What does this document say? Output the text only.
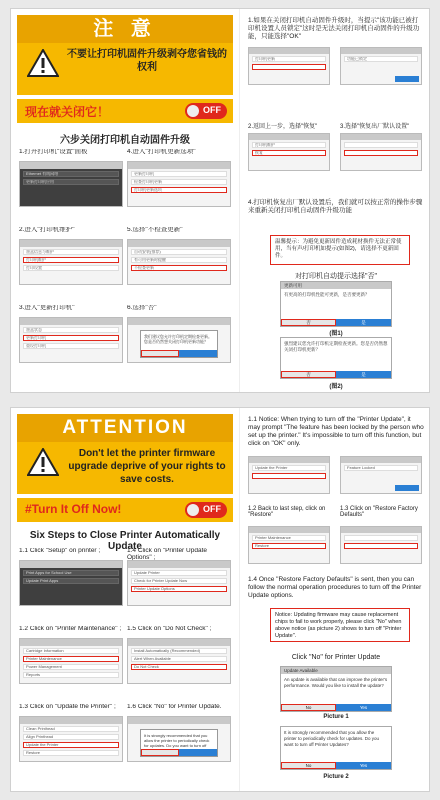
注 意
不要让打印机固件升级剥夺您省钱的权利
现在就关闭它！	OFF
六步关闭打印机自动固件升级
1.打开打印机"设置"面板
Ethernet 有线网络
更新打印机应用
4.进入"打印机更新选项"
更新打印机
检查打印机更新
打印机更新选项
2.进入"打印机维护"
墨盒信息与维护
打印机维护
打印设置
5.选择"不检查更新"
自动安装(推荐)
有可用更新时提醒
不检查更新
3.进入"更新打印机"
墨盒状态
更新打印机
重设打印机
6.选择"否"
我们建议您允许打印机定期检查更新。您是否仍然想关闭打印机更新功能？
1.如果在关闭打印机自动固件升级时，当提示"该功能已被打印机设置人员锁定"这时是无法关闭打印机自动固件的升级功能，只能选择"OK"
打印机更新	功能已锁定
2.返回上一步，选择"恢复"	3.选择"恢复出厂默认设置"
打印机维护
恢复
4.打印机恢复出厂默认设置后，我们就可以按正常的操作步骤来重新关闭打印机自动固件升级功能
温馨提示：为避免更新固件造成耗材换件无法正常使用，当有声/打印机如提示(如图2)，请选择不更新固件。
对打印机自动提示选择"否"
更新可用
有更高的打印机性能可更新，是否要更新？
否	是
(图1)
强烈建议您允许打印机定期检查更新。您是否仍然想关闭打印机更新？
否	是
(图2)
ATTENTION
Don't let the printer firmware upgrade deprive of your rights to save costs.
#Turn It Off Now!	OFF
Six Steps to Close Printer Automatically Update
1.1 Click "Setup" on printer ;
Print Apps for School Use
Update Print Apps
1.4 Click on "Printer Update Options" ;
Update Printer
Check for Printer Update Now
Printer Update Options
1.2 Click on "Printer Maintenance" ;
Cartridge Information
Printer Maintenance
Power Management
Reports
1.5 Click on "Do Not Check" ;
Install Automatically (Recommended)
Alert When Available
Do Not Check
1.3 Click on "Update the Printer" ;
Clean Printhead
Align Printhead
Update the Printer
Restore
1.6 Click "No" for Printer Update.
It is strongly recommended that you allow the printer to periodically check for updates. Do you want to turn off
1.1 Notice: When trying to turn off the "Printer Update", it may prompt "The feature has been locked by the person who set up the printer." It's impossible to turn off this function, but click on "OK" only.
Update the Printer	Feature Locked
1.2 Back to last step, click on "Restore"
1.3 Click on "Restore Factory Defaults"
Printer Maintenance
Restore
1.4 Once "Restore Factory Defaults" is sent, then you can follow the normal operation procedures to turn off the Printer Update options.
Notice: Updating firmware may cause replacement chips to fail to work properly, please click "No" when above notice (as picture 2) shows to turn off "Printer Update".
Click "No" for Printer Update
Update Available
An update is available that can improve the printer's performance. Would you like to install the update?
No	Yes
Picture 1
It is strongly recommended that you allow the printer to periodically check for updates. Do you want to turn off Printer Updates?
No	Yes
Picture 2
